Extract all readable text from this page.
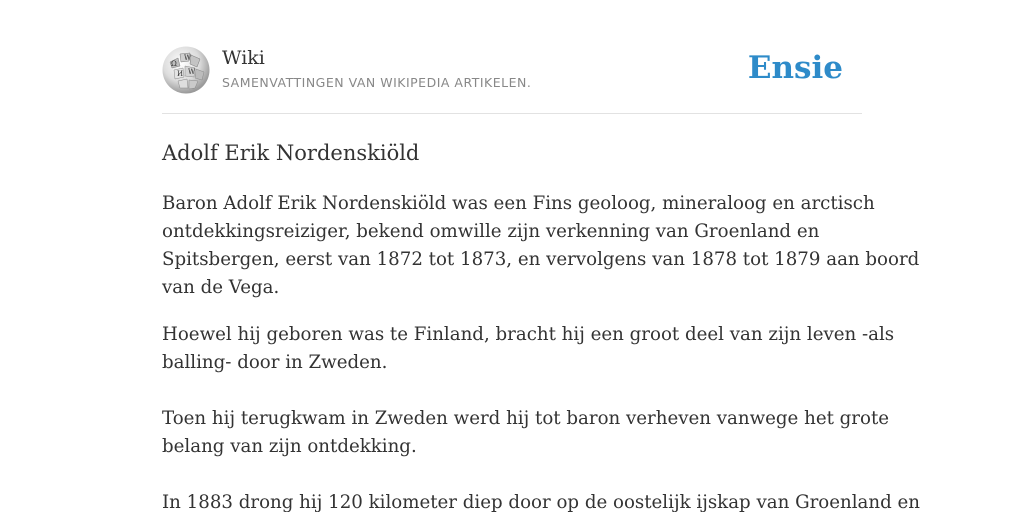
Ω
W
И W
Wiki
SAMENVATTINGEN VAN WIKIPEDIA ARTIKELEN.	Ensie
Adolf Erik Nordenskiöld

Baron Adolf Erik Nordenskiöld was een Fins geoloog, mineraloog en arctisch
ontdekkingsreiziger, bekend omwille zijn verkenning van Groenland en
Spitsbergen, eerst van 1872 tot 1873, en vervolgens van 1878 tot 1879 aan boord
van de Vega.

Hoewel hij geboren was te Finland, bracht hij een groot deel van zijn leven -als
balling- door in Zweden.
Toen hij terugkwam in Zweden werd hij tot baron verheven vanwege het grote
belang van zijn ontdekking.
In 1883 drong hij 120 kilometer diep door op de oostelijk ijskap van Groenland en
